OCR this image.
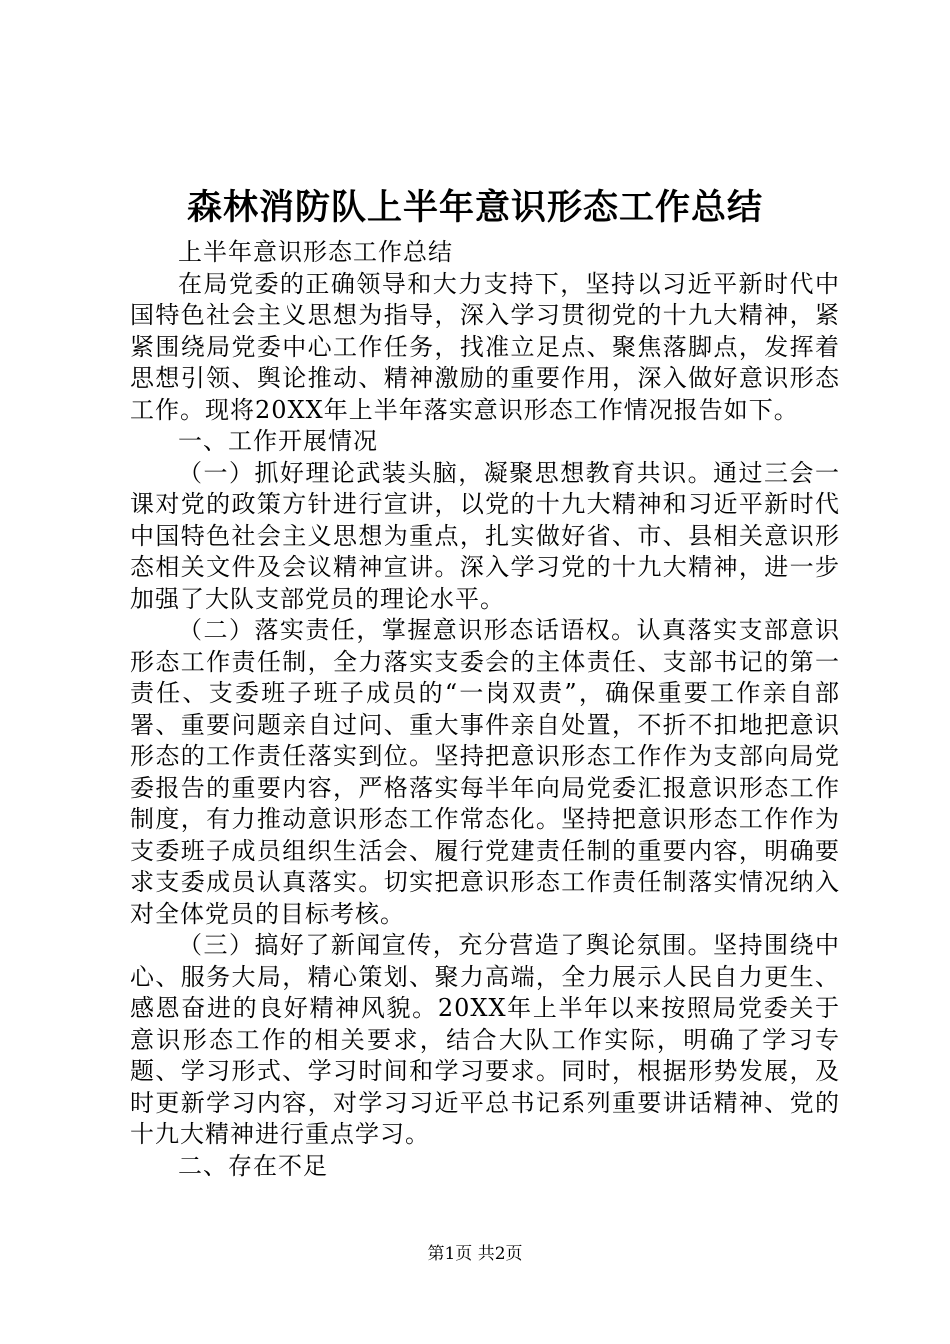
森林消防队上半年意识形态工作总结

上半年意识形态工作总结

在局党委的正确领导和大力支持下，坚持以习近平新时代中国特色社会主义思想为指导，深入学习贯彻党的十九大精神，紧紧围绕局党委中心工作任务，找准立足点、聚焦落脚点，发挥着思想引领、舆论推动、精神激励的重要作用，深入做好意识形态工作。现将20XX年上半年落实意识形态工作情况报告如下。

一、工作开展情况

（一）抓好理论武装头脑，凝聚思想教育共识。通过三会一课对党的政策方针进行宣讲，以党的十九大精神和习近平新时代中国特色社会主义思想为重点，扎实做好省、市、县相关意识形态相关文件及会议精神宣讲。深入学习党的十九大精神，进一步加强了大队支部党员的理论水平。

（二）落实责任，掌握意识形态话语权。认真落实支部意识形态工作责任制，全力落实支委会的主体责任、支部书记的第一责任、支委班子班子成员的“一岗双责”，确保重要工作亲自部署、重要问题亲自过问、重大事件亲自处置，不折不扣地把意识形态的工作责任落实到位。坚持把意识形态工作作为支部向局党委报告的重要内容，严格落实每半年向局党委汇报意识形态工作制度，有力推动意识形态工作常态化。坚持把意识形态工作作为支委班子成员组织生活会、履行党建责任制的重要内容，明确要求支委成员认真落实。切实把意识形态工作责任制落实情况纳入对全体党员的目标考核。

（三）搞好了新闻宣传，充分营造了舆论氛围。坚持围绕中心、服务大局，精心策划、聚力高端，全力展示人民自力更生、感恩奋进的良好精神风貌。20XX年上半年以来按照局党委关于意识形态工作的相关要求，结合大队工作实际，明确了学习专题、学习形式、学习时间和学习要求。同时，根据形势发展，及时更新学习内容，对学习习近平总书记系列重要讲话精神、党的十九大精神进行重点学习。

二、存在不足

第1页 共2页
